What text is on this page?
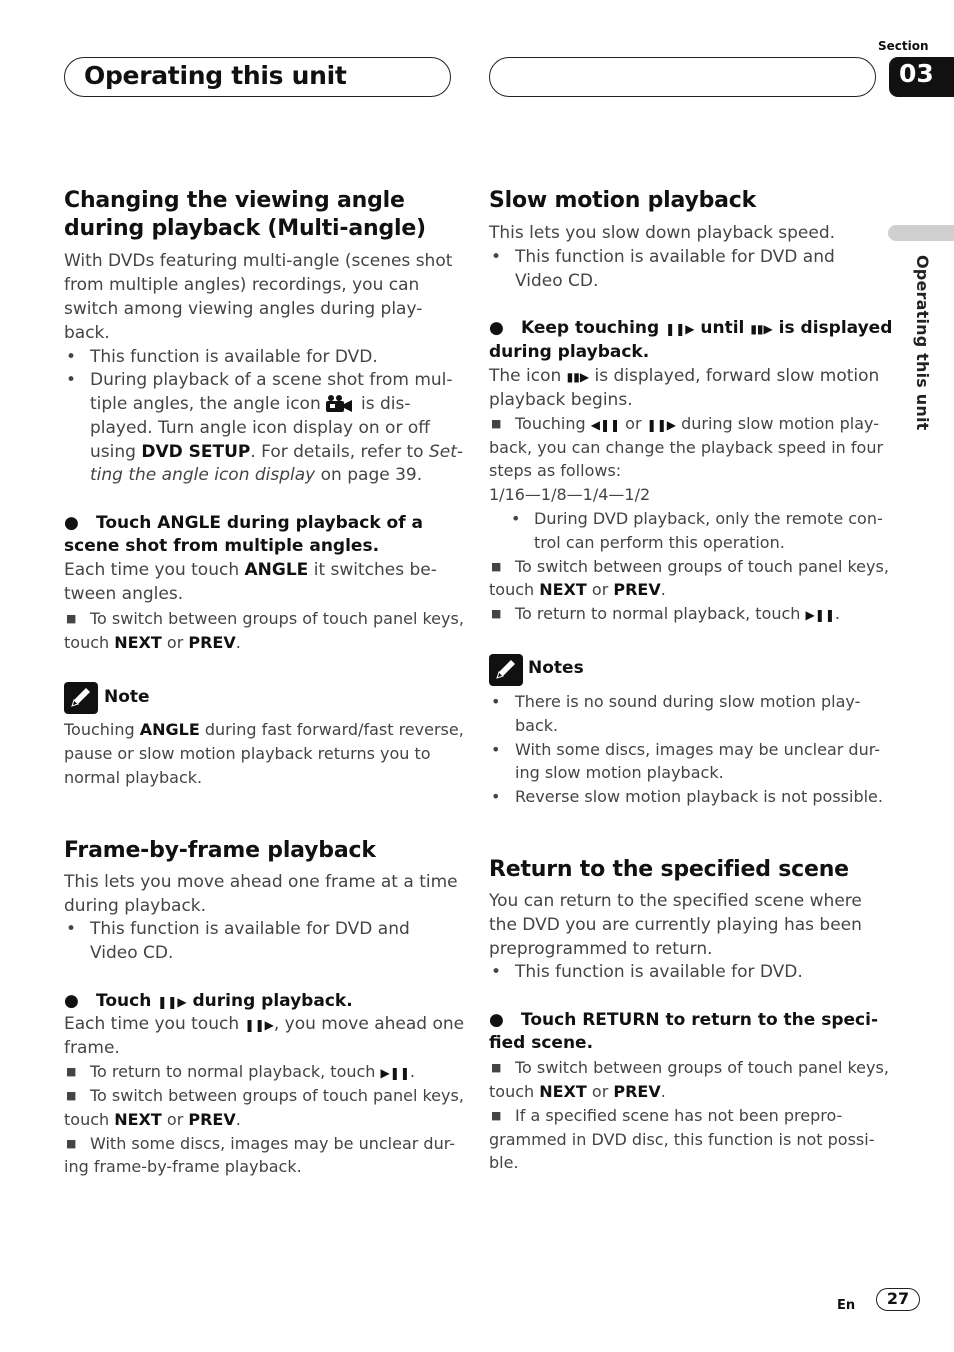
Operating this unit
Section
03
Operating this unit
Changing the viewing angle
during playback (Multi-angle)
With DVDs featuring multi-angle (scenes shot
from multiple angles) recordings, you can
switch among viewing angles during play-
back.
• This function is available for DVD.
• During playback of a scene shot from mul-
tiple angles, the angle icon is dis-
played. Turn angle icon display on or off
using DVD SETUP. For details, refer to Set-
ting the angle icon display on page 39.
● Touch ANGLE during playback of a
scene shot from multiple angles.
Each time you touch ANGLE it switches be-
tween angles.
■ To switch between groups of touch panel keys,
touch NEXT or PREV.
Note
Touching ANGLE during fast forward/fast reverse,
pause or slow motion playback returns you to
normal playback.
Frame-by-frame playback
This lets you move ahead one frame at a time
during playback.
• This function is available for DVD and
Video CD.
● Touch ❚❚▶ during playback.
Each time you touch ❚❚▶, you move ahead one
frame.
■ To return to normal playback, touch ▶❚❚.
■ To switch between groups of touch panel keys,
touch NEXT or PREV.
■ With some discs, images may be unclear dur-
ing frame-by-frame playback.
Slow motion playback
This lets you slow down playback speed.
• This function is available for DVD and
Video CD.
● Keep touching ❚❚▶ until ▮▮▶ is displayed
during playback.
The icon ▮▮▶ is displayed, forward slow motion
playback begins.
■ Touching ◀❚❚ or ❚❚▶ during slow motion play-
back, you can change the playback speed in four
steps as follows:
1/16—1/8—1/4—1/2
• During DVD playback, only the remote con-
trol can perform this operation.
■ To switch between groups of touch panel keys,
touch NEXT or PREV.
■ To return to normal playback, touch ▶❚❚.
Notes
• There is no sound during slow motion play-
back.
• With some discs, images may be unclear dur-
ing slow motion playback.
• Reverse slow motion playback is not possible.
Return to the specified scene
You can return to the specified scene where
the DVD you are currently playing has been
preprogrammed to return.
• This function is available for DVD.
● Touch RETURN to return to the speci-
fied scene.
■ To switch between groups of touch panel keys,
touch NEXT or PREV.
■ If a specified scene has not been prepro-
grammed in DVD disc, this function is not possi-
ble.
En	27
